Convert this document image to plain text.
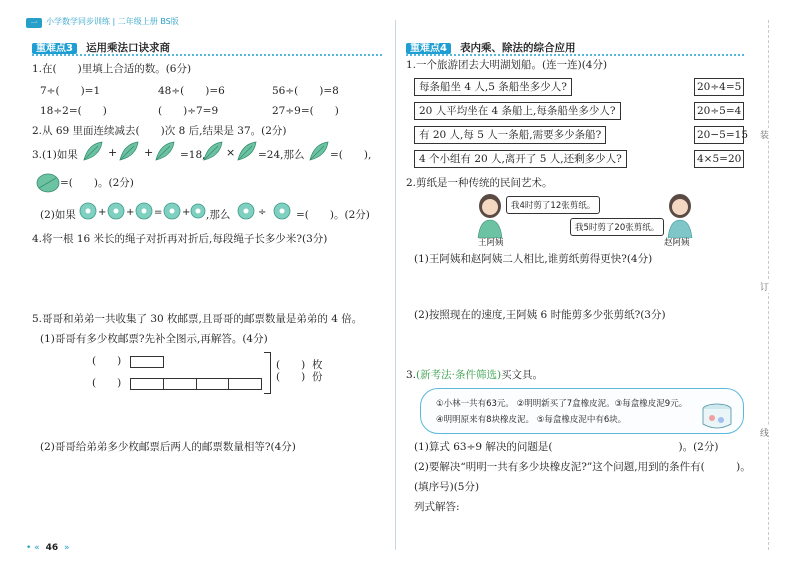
一	小学数学同步训练 | 二年级上册 BS版
重难点3 运用乘法口诀求商
1.在(　　)里填上合适的数。(6分)
7÷(　　)=1	48÷(　　)=6	56÷(　　)=8
18÷2=(　　)	(　　)÷7=9	27÷9=(　　)
2.从 69 里面连续减去(　　)次 8 后,结果是 37。(2分)
3.(1)如果	+ +	=18, × =24,那么 =(　　),
=(　　)。(2分)
(2)如果 + + = + ,那么	÷	=(　　)。(2分)
4.将一根 16 米长的绳子对折再对折后,每段绳子长多少米?(3分)
5.哥哥和弟弟一共收集了 30 枚邮票,且哥哥的邮票数量是弟弟的 4 倍。
(1)哥哥有多少枚邮票?先补全图示,再解答。(4分)
(　　)
(　　)
(　　)
(　　)
枚
份
(2)哥哥给弟弟多少枚邮票后两人的邮票数量相等?(4分)
• « 46 »
重难点4 表内乘、除法的综合应用
1.一个旅游团去大明湖划船。(连一连)(4分)
每条船坐 4 人,5 条船坐多少人?
20 人平均坐在 4 条船上,每条船坐多少人?
有 20 人,每 5 人一条船,需要多少条船?
4 个小组有 20 人,离开了 5 人,还剩多少人?
20÷4=5
20÷5=4
20−5=15
4×5=20
2.剪纸是一种传统的民间艺术。
我4时剪了12张剪纸。
王阿姨
我5时剪了20张剪纸。
赵阿姨
(1)王阿姨和赵阿姨二人相比,谁剪纸剪得更快?(4分)
(2)按照现在的速度,王阿姨 6 时能剪多少张剪纸?(3分)
3.(新考法·条件筛选)买文具。
①小林一共有63元。 ②明明新买了7盒橡皮泥。③每盒橡皮泥9元。
④明明原来有8块橡皮泥。 ⑤每盒橡皮泥中有6块。
(1)算式 63÷9 解决的问题是(　　　　　　　　　　　　)。(2分)
(2)要解决“明明一共有多少块橡皮泥?”这个问题,用到的条件有(　　　)。
(填序号)(5分)
列式解答:
装
订
线
